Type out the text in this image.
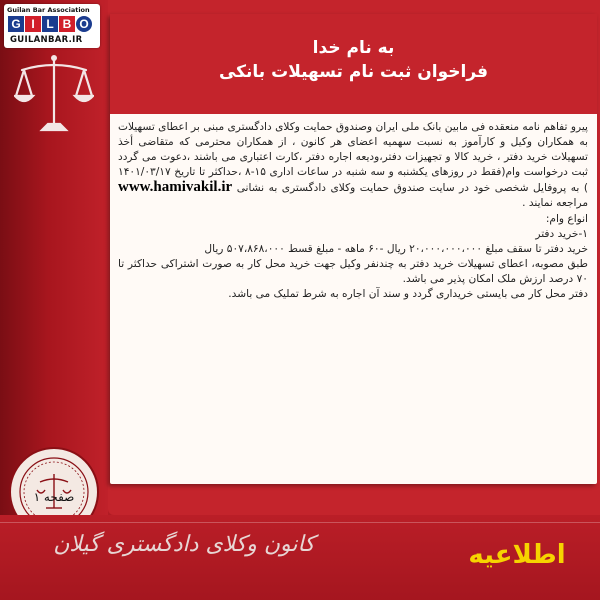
Guilan Bar Association
G I L B O
GUILANBAR.IR
صفحه ۱
به نام خدا
فراخوان ثبت نام تسهیلات بانکی

پیرو تفاهم نامه منعقده فی مابین بانک ملی ایران وصندوق حمایت وکلای دادگستری مبنی بر اعطای تسهیلات به همکاران وکیل و کارآموز به نسبت سهمیه اعضای هر کانون ، از همکاران محترمی که متقاضی أخذ تسهیلات خرید دفتر ، خرید کالا و تجهیزات دفتر،ودیعه اجاره دفتر ،کارت اعتباری می باشند ،دعوت می گردد ثبت درخواست وام(فقط در روزهای یکشنبه و سه شنبه در ساعات اداری ۱۵-۸ ،حداکثر تا تاریخ ۱۴۰۱/۰۳/۱۷ ) به پروفایل شخصی خود در سایت صندوق حمایت وکلای دادگستری به نشانی www.hamivakil.ir مراجعه نمایند .

انواع وام:

۱-خرید دفتر

خرید دفتر تا سقف مبلغ ۲۰،۰۰۰،۰۰۰،۰۰۰ ریال -۶۰ ماهه - مبلغ قسط ۵۰۷،۸۶۸،۰۰۰ ریال

طبق مصوبه، اعطای تسهیلات خرید دفتر به چندنفر وکیل جهت خرید محل کار به صورت اشتراکی حداکثر تا ۷۰ درصد ارزش ملک امکان پذیر می باشد.

دفتر محل کار می بایستی خریداری گردد و سند آن اجاره به شرط تملیک می باشد.

کانون وکلای دادگستری گیلان	اطلاعیه
